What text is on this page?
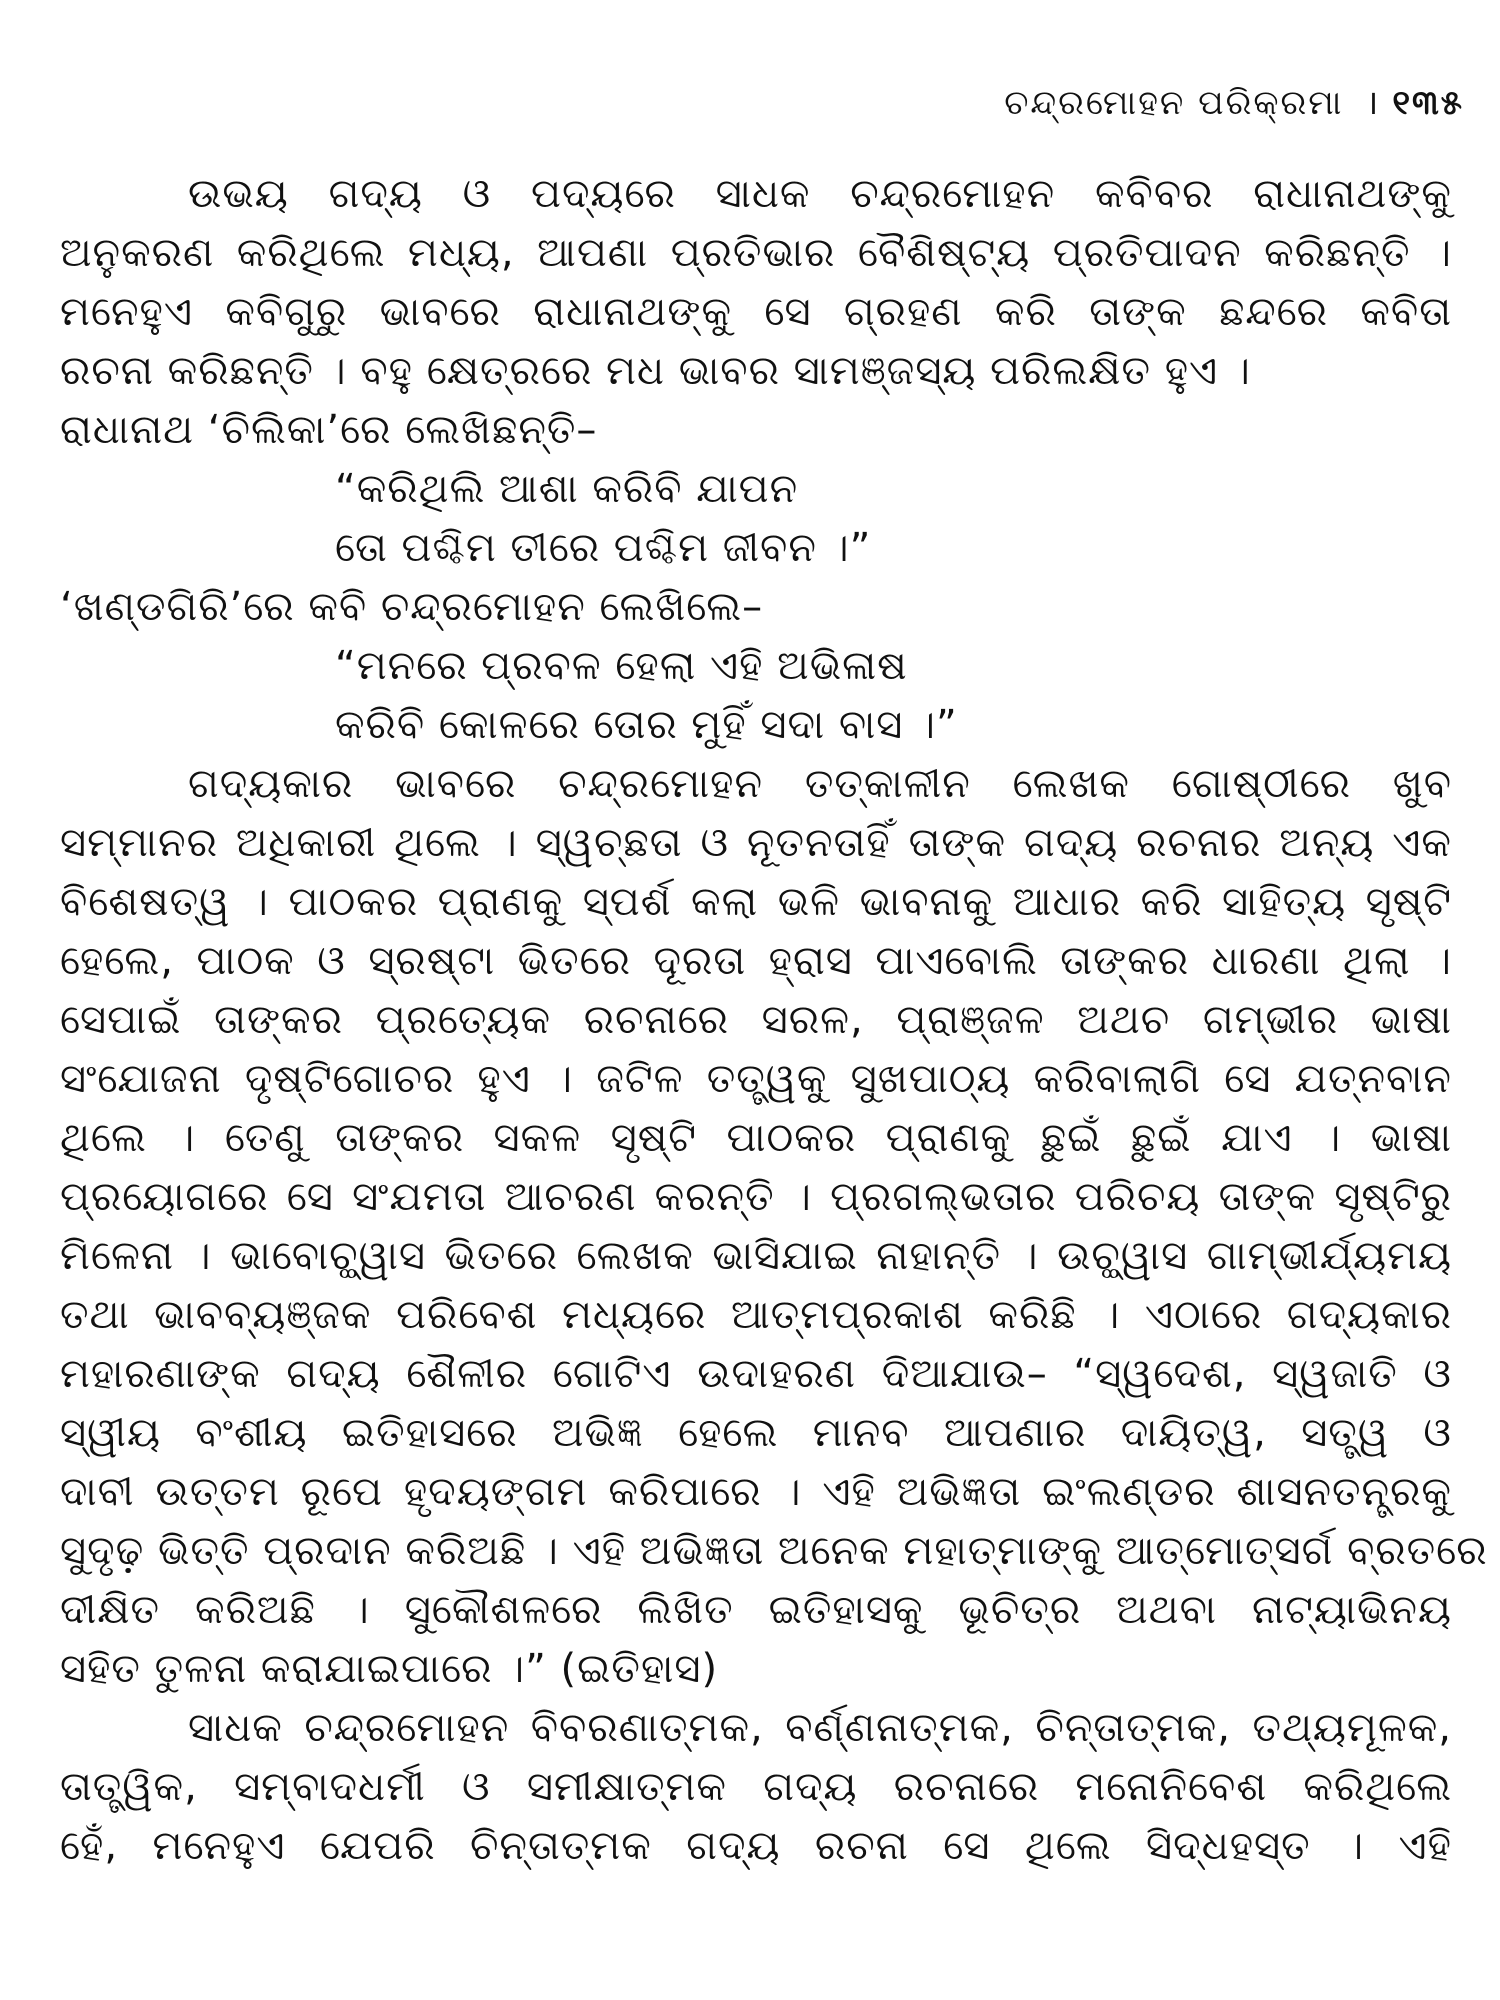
ଚନ୍ଦ୍ରମୋହନ ପରିକ୍ରମା । ୧୩୫
ଉଭୟ ଗଦ୍ୟ ଓ ପଦ୍ୟରେ ସାଧକ ଚନ୍ଦ୍ରମୋହନ କବିବର ରାଧାନାଥଙ୍କୁ
ଅନୁକରଣ କରିଥିଲେ ମଧ୍ୟ, ଆପଣା ପ୍ରତିଭାର ବୈଶିଷ୍ଟ୍ୟ ପ୍ରତିପାଦନ କରିଛନ୍ତି ।
ମନେହୁଏ କବିଗୁରୁ ଭାବରେ ରାଧାନାଥଙ୍କୁ ସେ ଗ୍ରହଣ କରି ତାଙ୍କ ଛନ୍ଦରେ କବିତା
ରଚନା କରିଛନ୍ତି । ବହୁ କ୍ଷେତ୍ରରେ ମଧ ଭାବର ସାମଞ୍ଜସ୍ୟ ପରିଲକ୍ଷିତ ହୁଏ ।
ରାଧାନାଥ ‘ଚିଲିକା’ରେ ଲେଖିଛନ୍ତି–
“କରିଥିଲି ଆଶା କରିବି ଯାପନ
ତୋ ପଶ୍ଚିମ ତୀରେ ପଶ୍ଚିମ ଜୀବନ ।”
‘ଖଣ୍ଡଗିରି’ରେ କବି ଚନ୍ଦ୍ରମୋହନ ଲେଖିଲେ–
“ମନରେ ପ୍ରବଳ ହେଲା ଏହି ଅଭିଳାଷ
କରିବି କୋଳରେ ତୋର ମୁହିଁ ସଦା ବାସ ।”
ଗଦ୍ୟକାର ଭାବରେ ଚନ୍ଦ୍ରମୋହନ ତତ୍‌କାଳୀନ ଲେଖକ ଗୋଷ୍ଠୀରେ ଖୁବ
ସମ୍ମାନର ଅଧିକାରୀ ଥିଲେ । ସ୍ୱଚ୍ଛତା ଓ ନୂତନତାହିଁ ତାଙ୍କ ଗଦ୍ୟ ରଚନାର ଅନ୍ୟ ଏକ
ବିଶେଷତ୍ୱ । ପାଠକର ପ୍ରାଣକୁ ସ୍ପର୍ଶ କଲା ଭଳି ଭାବନାକୁ ଆଧାର କରି ସାହିତ୍ୟ ସୃଷ୍ଟି
ହେଲେ, ପାଠକ ଓ ସ୍ରଷ୍ଟା ଭିତରେ ଦୂରତା ହ୍ରାସ ପାଏବୋଲି ତାଙ୍କର ଧାରଣା ଥିଲା ।
ସେପାଇଁ ତାଙ୍କର ପ୍ରତ୍ୟେକ ରଚନାରେ ସରଳ, ପ୍ରାଞ୍ଜଳ ଅଥଚ ଗମ୍ଭୀର ଭାଷା
ସଂଯୋଜନା ଦୃଷ୍ଟିଗୋଚର ହୁଏ । ଜଟିଳ ତତ୍ତ୍ୱକୁ ସୁଖପାଠ୍ୟ କରିବାଲାଗି ସେ ଯତ୍ନବାନ
ଥିଲେ । ତେଣୁ ତାଙ୍କର ସକଳ ସୃଷ୍ଟି ପାଠକର ପ୍ରାଣକୁ ଛୁଇଁ ଛୁଇଁ ଯାଏ । ଭାଷା
ପ୍ରୟୋଗରେ ସେ ସଂଯମତା ଆଚରଣ କରନ୍ତି । ପ୍ରଗଲ୍‌ଭତାର ପରିଚୟ ତାଙ୍କ ସୃଷ୍ଟିରୁ
ମିଳେନା । ଭାବୋଚ୍ଛ୍ୱାସ ଭିତରେ ଲେଖକ ଭାସିଯାଇ ନାହାନ୍ତି । ଉଚ୍ଛ୍ୱାସ ଗାମ୍ଭୀର୍ଯ୍ୟମୟ
ତଥା ଭାବବ୍ୟଞ୍ଜକ ପରିବେଶ ମଧ୍ୟରେ ଆତ୍ମପ୍ରକାଶ କରିଛି । ଏଠାରେ ଗଦ୍ୟକାର
ମହାରଣାଙ୍କ ଗଦ୍ୟ ଶୈଳୀର ଗୋଟିଏ ଉଦାହରଣ ଦିଆଯାଉ– “ସ୍ୱଦେଶ, ସ୍ୱଜାତି ଓ
ସ୍ୱୀୟ ବଂଶୀୟ ଇତିହାସରେ ଅଭିଜ୍ଞ ହେଲେ ମାନବ ଆପଣାର ଦାୟିତ୍ୱ, ସତ୍ତ୍ୱ ଓ
ଦାବୀ ଉତ୍ତମ ରୂପେ ହୃଦୟଙ୍ଗମ କରିପାରେ । ଏହି ଅଭିଜ୍ଞତା ଇଂଲଣ୍ଡର ଶାସନତନ୍ତ୍ରକୁ
ସୁଦୃଢ଼ ଭିତ୍ତି ପ୍ରଦାନ କରିଅଛି । ଏହି ଅଭିଜ୍ଞତା ଅନେକ ମହାତ୍ମାଙ୍କୁ ଆତ୍ମୋତ୍ସର୍ଗ ବ୍ରତରେ
ଦୀକ୍ଷିତ କରିଅଛି । ସୁକୌଶଳରେ ଲିଖିତ ଇତିହାସକୁ ଭୂଚିତ୍ର ଅଥବା ନାଟ୍ୟାଭିନୟ
ସହିତ ତୁଳନା କରାଯାଇପାରେ ।” (ଇତିହାସ)
ସାଧକ ଚନ୍ଦ୍ରମୋହନ ବିବରଣାତ୍ମକ, ବର୍ଣ୍ଣନାତ୍ମକ, ଚିନ୍ତାତ୍ମକ, ତଥ୍ୟମୂଳକ,
ତାତ୍ତ୍ୱିକ, ସମ୍ବାଦଧର୍ମୀ ଓ ସମୀକ୍ଷାତ୍ମକ ଗଦ୍ୟ ରଚନାରେ ମନୋନିବେଶ କରିଥିଲେ
ହେଁ, ମନେହୁଏ ଯେପରି ଚିନ୍ତାତ୍ମକ ଗଦ୍ୟ ରଚନା ସେ ଥିଲେ ସିଦ୍ଧହସ୍ତ । ଏହି
